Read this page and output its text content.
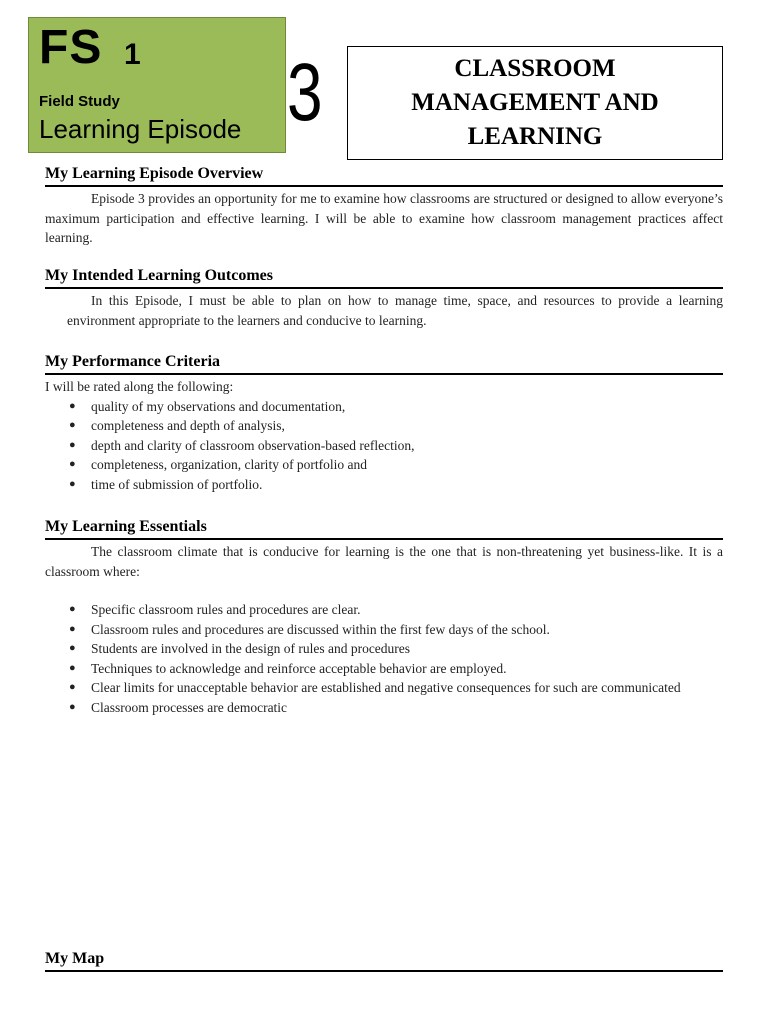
FS 1
Field Study
Learning Episode 3	CLASSROOM MANAGEMENT AND LEARNING
My Learning Episode Overview
Episode 3 provides an opportunity for me to examine how classrooms are structured or designed to allow everyone’s maximum participation and effective learning. I will be able to examine how classroom management practices affect learning.
My Intended Learning Outcomes
In this Episode, I must be able to plan on how to manage time, space, and resources to provide a learning environment appropriate to the learners and conducive to learning.
My Performance Criteria
I will be rated along the following:
● quality of my observations and documentation,
● completeness and depth of analysis,
● depth and clarity of classroom observation-based reflection,
● completeness, organization, clarity of portfolio and
● time of submission of portfolio.
My Learning Essentials
The classroom climate that is conducive for learning is the one that is non-threatening yet business-like. It is a classroom where:
● Specific classroom rules and procedures are clear.
● Classroom rules and procedures are discussed within the first few days of the school.
● Students are involved in the design of rules and procedures
● Techniques to acknowledge and reinforce acceptable behavior are employed.
● Clear limits for unacceptable behavior are established and negative consequences for such are communicated
● Classroom processes are democratic
My Map
